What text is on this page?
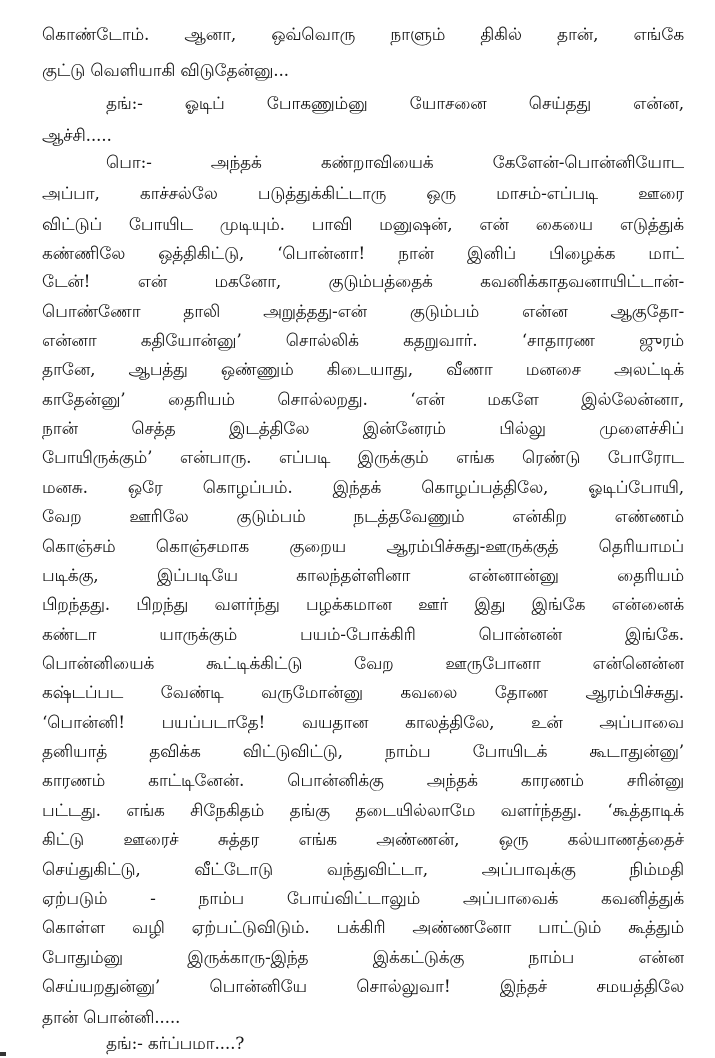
கொண்டோம். ஆனா, ஒவ்வொரு நாளும் திகில் தான், எங்கே
குட்டு வெளியாகி விடுதேன்னு...
தங்:- ஓடிப் போகணும்னு யோசனை செய்தது என்ன,
ஆச்சி.....
பொ:- அந்தக் கண்றாவியைக் கேளேன்-பொன்னியோட
அப்பா, காச்சல்லே படுத்துக்கிட்டாரு ஒரு மாசம்-எப்படி ஊரை
விட்டுப் போயிட முடியும். பாவி மனுஷன், என் கையை எடுத்துக்
கண்ணிலே ஒத்திகிட்டு, ‘பொன்னா! நான் இனிப் பிழைக்க மாட்
டேன்! என் மகனோ, குடும்பத்தைக் கவனிக்காதவனாயிட்டான்-
பொண்ணோ தாலி அறுத்தது-என் குடும்பம் என்ன ஆகுதோ-
என்னா கதியோன்னு’ சொல்லிக் கதறுவார். ‘சாதாரண ஜுரம்
தானே, ஆபத்து ஒண்ணும் கிடையாது, வீணா மனசை அலட்டிக்
காதேன்னு’ தைரியம் சொல்லறது. ‘என் மகளே இல்லேன்னா,
நான் செத்த இடத்திலே இன்னேரம் பில்லு முளைச்சிப்
போயிருக்கும்’ என்பாரு. எப்படி இருக்கும் எங்க ரெண்டு போரோட
மனசு. ஒரே கொழப்பம். இந்தக் கொழப்பத்திலே, ஓடிப்போயி,
வேற ஊரிலே குடும்பம் நடத்தவேணும் என்கிற எண்ணம்
கொஞ்சம் கொஞ்சமாக குறைய ஆரம்பிச்சுது-ஊருக்குத் தெரியாமப்
படிக்கு, இப்படியே காலந்தள்ளினா என்னான்னு தைரியம்
பிறந்தது. பிறந்து வளர்ந்து பழக்கமான ஊர் இது இங்கே என்னைக்
கண்டா யாருக்கும் பயம்-போக்கிரி பொன்னன் இங்கே.
பொன்னியைக் கூட்டிக்கிட்டு வேற ஊருபோனா என்னென்ன
கஷ்டப்பட வேண்டி வருமோன்னு கவலை தோண ஆரம்பிச்சுது.
‘பொன்னி! பயப்படாதே! வயதான காலத்திலே, உன் அப்பாவை
தனியாத் தவிக்க விட்டுவிட்டு, நாம்ப போயிடக் கூடாதுன்னு’
காரணம் காட்டினேன். பொன்னிக்கு அந்தக் காரணம் சரின்னு
பட்டது. எங்க சிநேகிதம் தங்கு தடையில்லாமே வளர்ந்தது. ‘கூத்தாடிக்
கிட்டு ஊரைச் சுத்தர எங்க அண்ணன், ஒரு கல்யாணத்தைச்
செய்துகிட்டு, வீட்டோடு வந்துவிட்டா, அப்பாவுக்கு நிம்மதி
ஏற்படும் - நாம்ப போய்விட்டாலும் அப்பாவைக் கவனித்துக்
கொள்ள வழி ஏற்பட்டுவிடும். பக்கிரி அண்ணனோ பாட்டும் கூத்தும்
போதும்னு இருக்காரு-இந்த இக்கட்டுக்கு நாம்ப என்ன
செய்யறதுன்னு’ பொன்னியே சொல்லுவா! இந்தச் சமயத்திலே
தான் பொன்னி.....
தங்:- கர்ப்பமா....?
